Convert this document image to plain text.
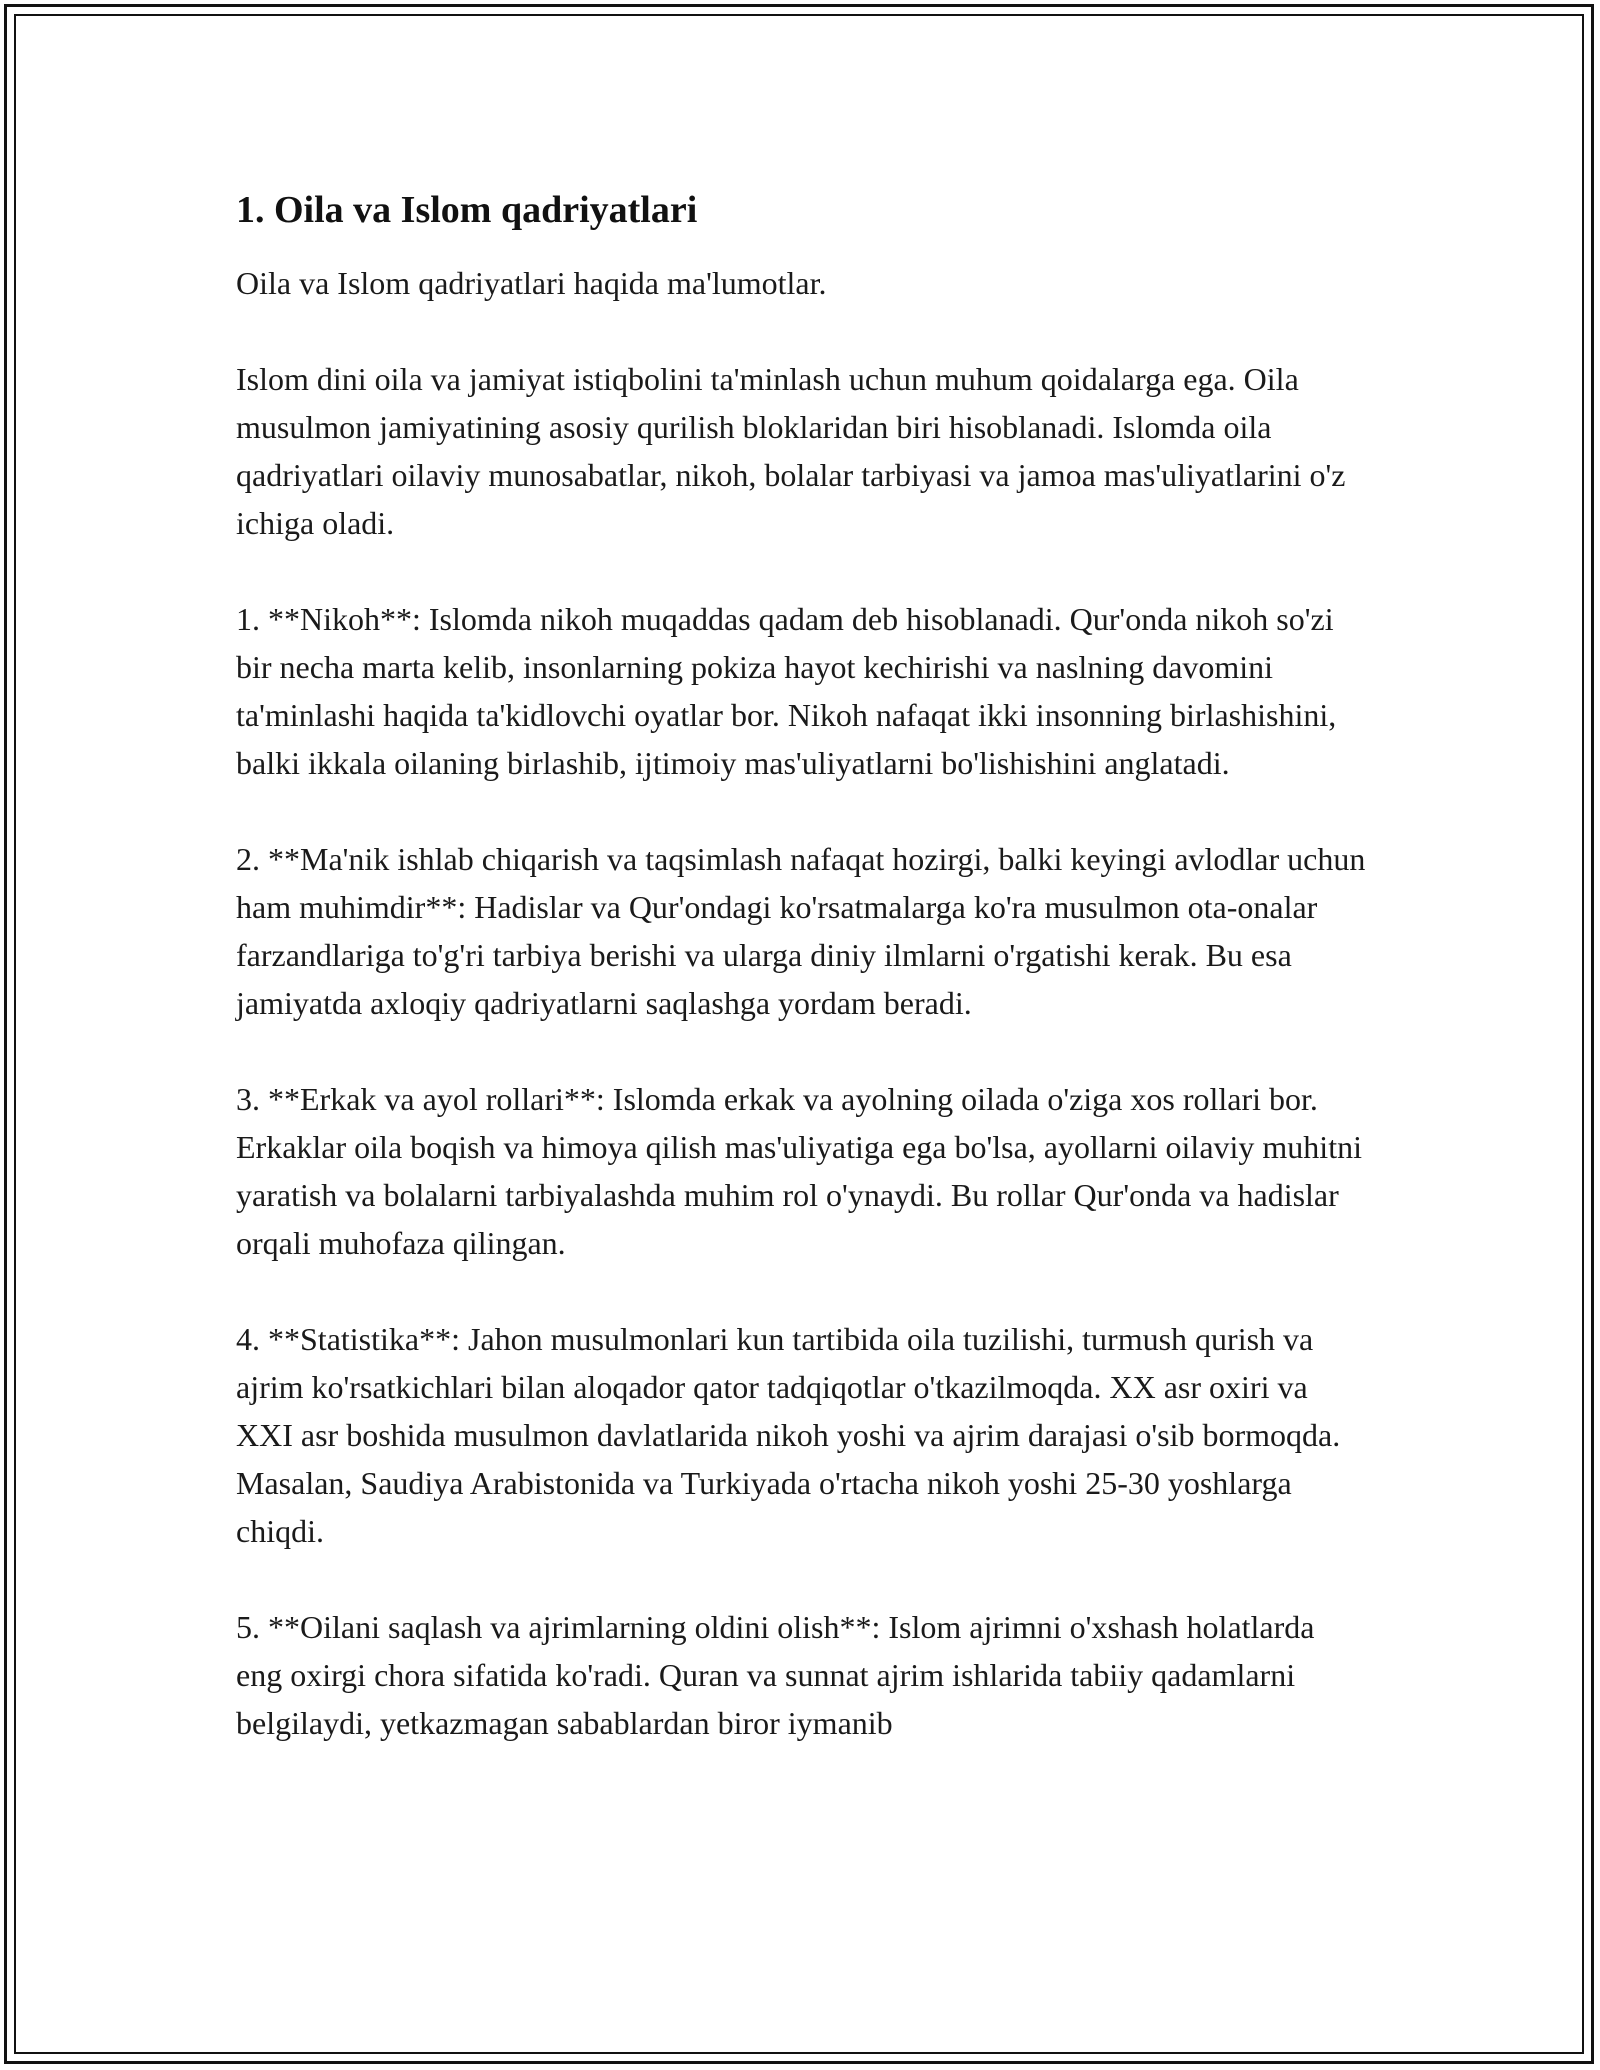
1. Oila va Islom qadriyatlari

Oila va Islom qadriyatlari haqida ma'lumotlar.

Islom dini oila va jamiyat istiqbolini ta'minlash uchun muhum qoidalarga ega. Oila musulmon jamiyatining asosiy qurilish bloklaridan biri hisoblanadi. Islomda oila qadriyatlari oilaviy munosabatlar, nikoh, bolalar tarbiyasi va jamoa mas'uliyatlarini o'z ichiga oladi.

1. **Nikoh**: Islomda nikoh muqaddas qadam deb hisoblanadi. Qur'onda nikoh so'zi bir necha marta kelib, insonlarning pokiza hayot kechirishi va naslning davomini ta'minlashi haqida ta'kidlovchi oyatlar bor. Nikoh nafaqat ikki insonning birlashishini, balki ikkala oilaning birlashib, ijtimoiy mas'uliyatlarni bo'lishishini anglatadi.

2. **Ma'nik ishlab chiqarish va taqsimlash nafaqat hozirgi, balki keyingi avlodlar uchun ham muhimdir**: Hadislar va Qur'ondagi ko'rsatmalarga ko'ra musulmon ota-onalar farzandlariga to'g'ri tarbiya berishi va ularga diniy ilmlarni o'rgatishi kerak. Bu esa jamiyatda axloqiy qadriyatlarni saqlashga yordam beradi.

3. **Erkak va ayol rollari**: Islomda erkak va ayolning oilada o'ziga xos rollari bor. Erkaklar oila boqish va himoya qilish mas'uliyatiga ega bo'lsa, ayollarni oilaviy muhitni yaratish va bolalarni tarbiyalashda muhim rol o'ynaydi. Bu rollar Qur'onda va hadislar orqali muhofaza qilingan.

4. **Statistika**: Jahon musulmonlari kun tartibida oila tuzilishi, turmush qurish va ajrim ko'rsatkichlari bilan aloqador qator tadqiqotlar o'tkazilmoqda. XX asr oxiri va XXI asr boshida musulmon davlatlarida nikoh yoshi va ajrim darajasi o'sib bormoqda. Masalan, Saudiya Arabistonida va Turkiyada o'rtacha nikoh yoshi 25-30 yoshlarga chiqdi.

5. **Oilani saqlash va ajrimlarning oldini olish**: Islom ajrimni o'xshash holatlarda eng oxirgi chora sifatida ko'radi. Quran va sunnat ajrim ishlarida tabiiy qadamlarni belgilaydi, yetkazmagan sabablardan biror iymanib
